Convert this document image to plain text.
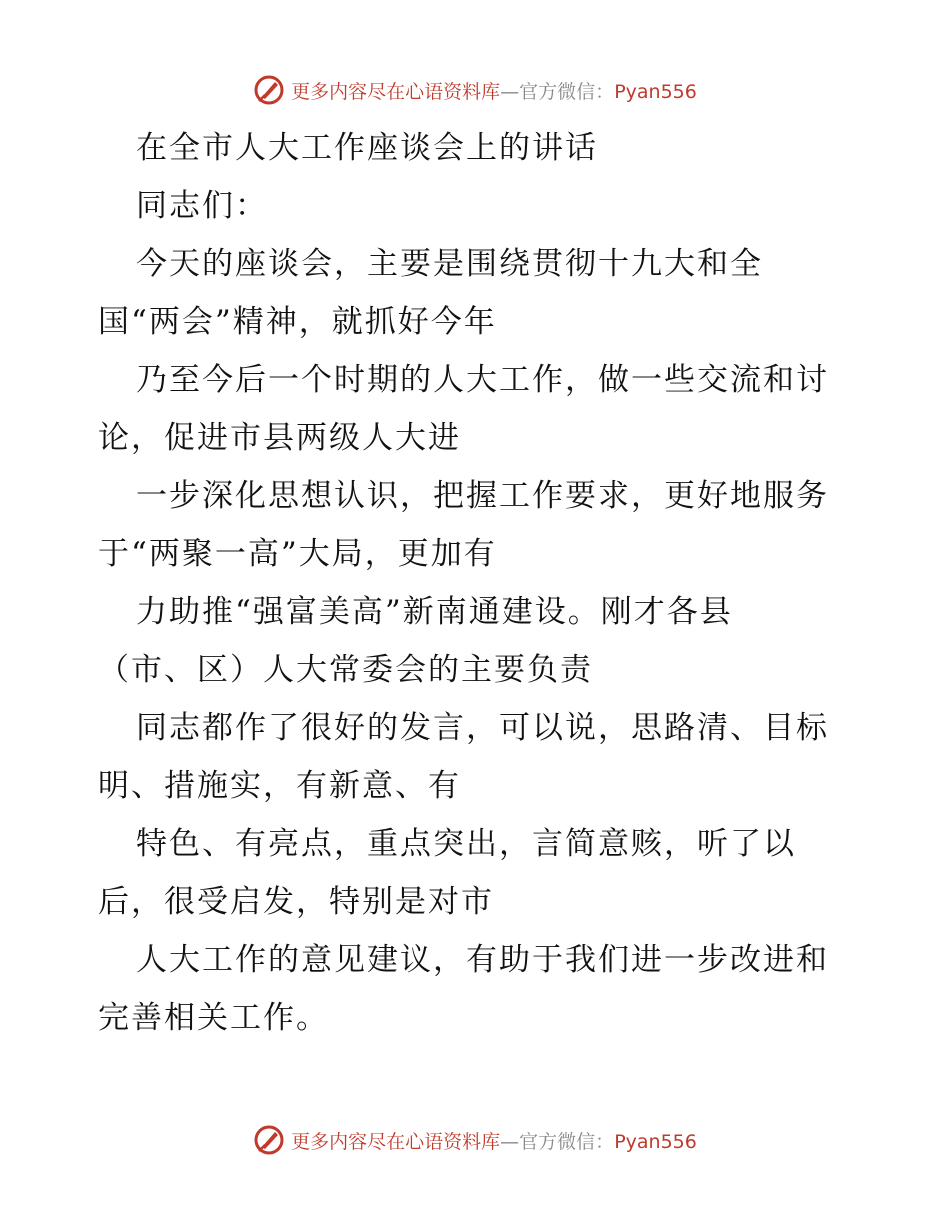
更多内容尽在心语资料库—官方微信：Pyan556
在全市人大工作座谈会上的讲话
同志们：
今天的座谈会，主要是围绕贯彻十九大和全
国“两会”精神，就抓好今年
乃至今后一个时期的人大工作，做一些交流和讨
论，促进市县两级人大进
一步深化思想认识，把握工作要求，更好地服务
于“两聚一高”大局，更加有
力助推“强富美高”新南通建设。刚才各县
（市、区）人大常委会的主要负责
同志都作了很好的发言，可以说，思路清、目标
明、措施实，有新意、有
特色、有亮点，重点突出，言简意赅，听了以
后，很受启发，特别是对市
人大工作的意见建议，有助于我们进一步改进和
完善相关工作。
更多内容尽在心语资料库—官方微信：Pyan556
